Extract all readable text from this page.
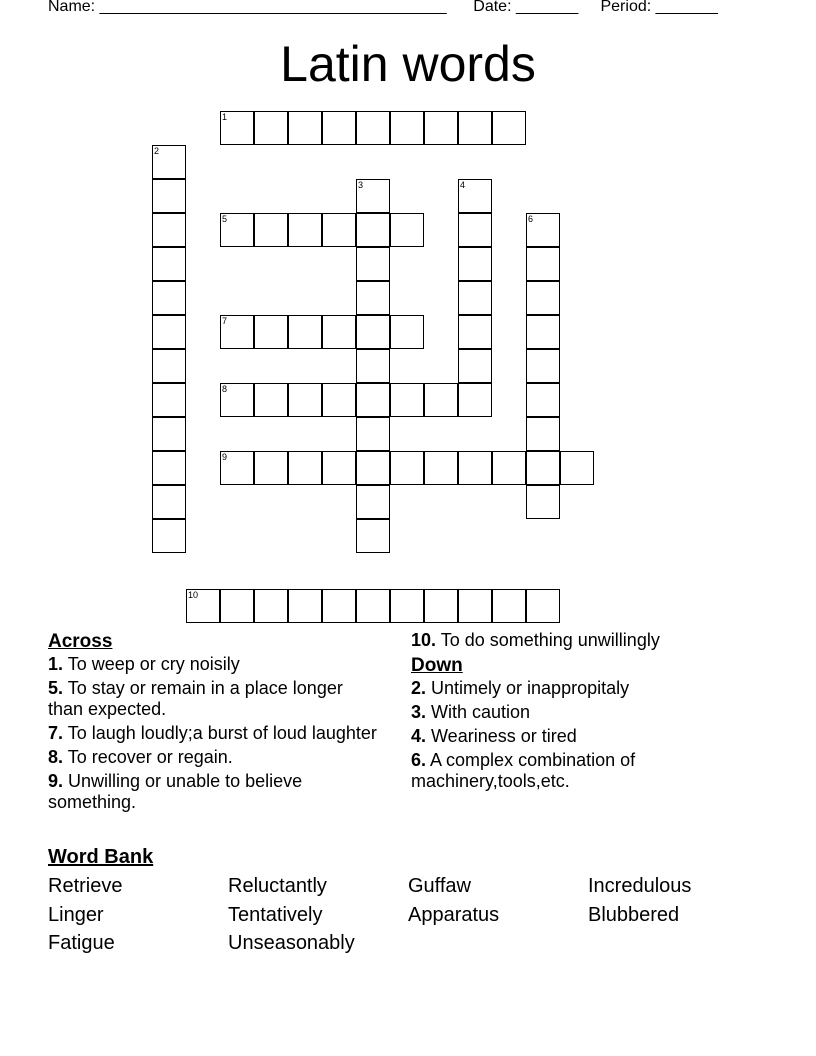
Name: _______________________________________      Date: _______     Period: _______
Latin words
1
2
3	4
5	6
7
8
9
10
Across
1. To weep or cry noisily
5. To stay or remain in a place longer than expected.
7. To laugh loudly;a burst of loud laughter
8. To recover or regain.
9. Unwilling or unable to believe something.
10. To do something unwillingly
Down
2. Untimely or inappropitaly
3. With caution
4. Weariness or tired
6. A complex combination of machinery,tools,etc.
Word Bank
Retrieve	Reluctantly	Guffaw	Incredulous
Linger	Tentatively	Apparatus	Blubbered
Fatigue	Unseasonably
